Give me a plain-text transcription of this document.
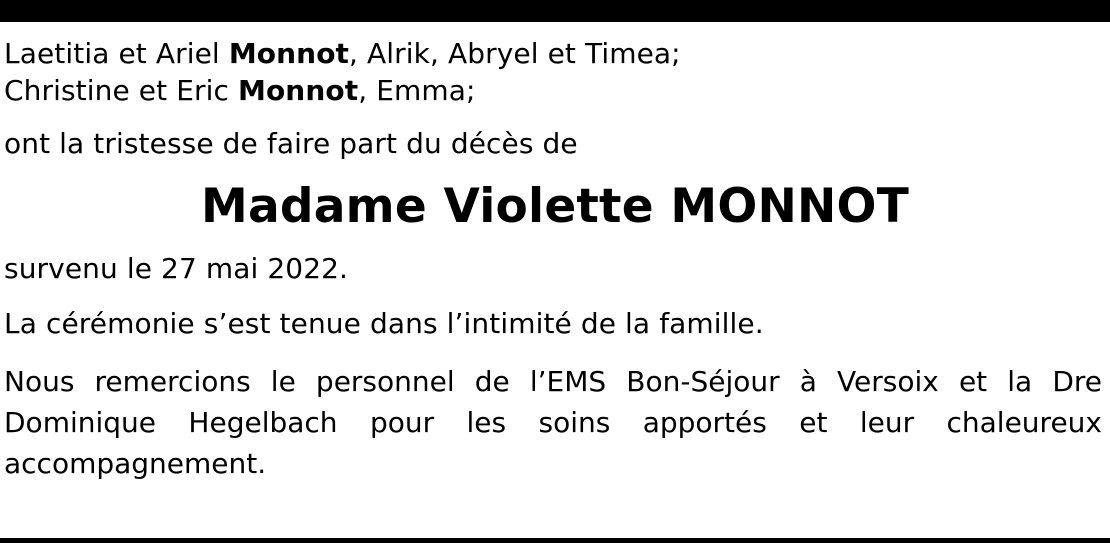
Laetitia et Ariel Monnot, Alrik, Abryel et Timea;

Christine et Eric Monnot, Emma;

ont la tristesse de faire part du décès de

Madame Violette MONNOT

survenu le 27 mai 2022.

La cérémonie s’est tenue dans l’intimité de la famille.

Nous remercions le personnel de l’EMS Bon-Séjour à Versoix et la Dre Dominique Hegelbach pour les soins apportés et leur chaleureux accompagnement.
